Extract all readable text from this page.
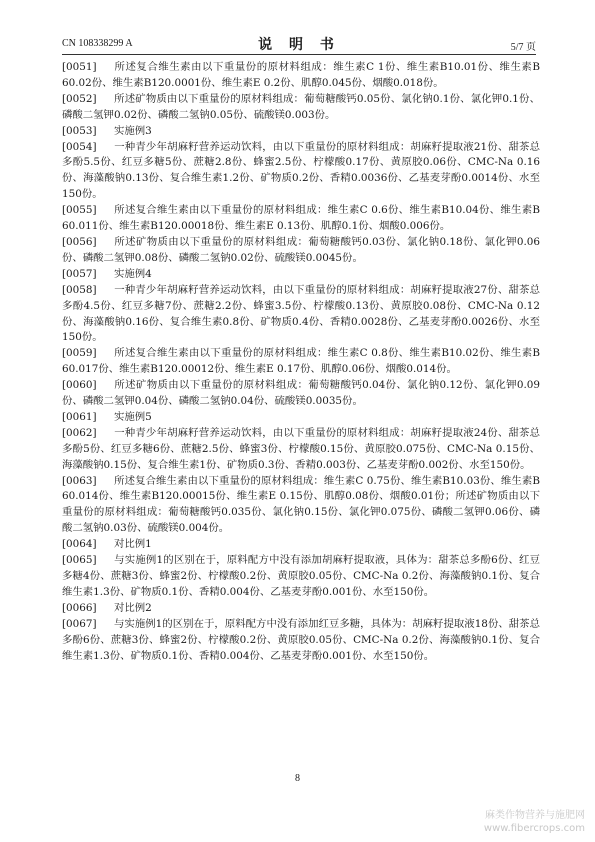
CN 108338299 A	说 明 书	5/7 页

[0051] 所述复合维生素由以下重量份的原材料组成：维生素C 1份、维生素B10.01份、维生素B 60.02份、维生素B120.0001份、维生素E 0.2份、肌醇0.045份、烟酸0.018份。

[0052] 所述矿物质由以下重量份的原材料组成：葡萄糖酸钙0.05份、氯化钠0.1份、氯化钾0.1份、磷酸二氢钾0.02份、磷酸二氢钠0.05份、硫酸镁0.003份。

[0053] 实施例3

[0054] 一种青少年胡麻籽营养运动饮料，由以下重量份的原材料组成：胡麻籽提取液21份、甜茶总多酚5.5份、红豆多糖5份、蔗糖2.8份、蜂蜜2.5份、柠檬酸0.17份、黄原胶0.06份、CMC-Na 0.16份、海藻酸钠0.13份、复合维生素1.2份、矿物质0.2份、香精0.0036份、乙基麦芽酚0.0014份、水至150份。

[0055] 所述复合维生素由以下重量份的原材料组成：维生素C 0.6份、维生素B10.04份、维生素B 60.011份、维生素B120.00018份、维生素E 0.13份、肌醇0.1份、烟酸0.006份。

[0056] 所述矿物质由以下重量份的原材料组成：葡萄糖酸钙0.03份、氯化钠0.18份、氯化钾0.06份、磷酸二氢钾0.08份、磷酸二氢钠0.02份、硫酸镁0.0045份。

[0057] 实施例4

[0058] 一种青少年胡麻籽营养运动饮料，由以下重量份的原材料组成：胡麻籽提取液27份、甜茶总多酚4.5份、红豆多糖7份、蔗糖2.2份、蜂蜜3.5份、柠檬酸0.13份、黄原胶0.08份、CMC-Na 0.12份、海藻酸钠0.16份、复合维生素0.8份、矿物质0.4份、香精0.0028份、乙基麦芽酚0.0026份、水至150份。

[0059] 所述复合维生素由以下重量份的原材料组成：维生素C 0.8份、维生素B10.02份、维生素B 60.017份、维生素B120.00012份、维生素E 0.17份、肌醇0.06份、烟酸0.014份。

[0060] 所述矿物质由以下重量份的原材料组成：葡萄糖酸钙0.04份、氯化钠0.12份、氯化钾0.09份、磷酸二氢钾0.04份、磷酸二氢钠0.04份、硫酸镁0.0035份。

[0061] 实施例5

[0062] 一种青少年胡麻籽营养运动饮料，由以下重量份的原材料组成：胡麻籽提取液24份、甜茶总多酚5份、红豆多糖6份、蔗糖2.5份、蜂蜜3份、柠檬酸0.15份、黄原胶0.075份、CMC-Na 0.15份、海藻酸钠0.15份、复合维生素1份、矿物质0.3份、香精0.003份、乙基麦芽酚0.002份、水至150份。

[0063] 所述复合维生素由以下重量份的原材料组成：维生素C 0.75份、维生素B10.03份、维生素B 60.014份、维生素B120.00015份、维生素E 0.15份、肌醇0.08份、烟酸0.01份；所述矿物质由以下重量份的原材料组成：葡萄糖酸钙0.035份、氯化钠0.15份、氯化钾0.075份、磷酸二氢钾0.06份、磷酸二氢钠0.03份、硫酸镁0.004份。

[0064] 对比例1

[0065] 与实施例1的区别在于，原料配方中没有添加胡麻籽提取液，具体为：甜茶总多酚6份、红豆多糖4份、蔗糖3份、蜂蜜2份、柠檬酸0.2份、黄原胶0.05份、CMC-Na 0.2份、海藻酸钠0.1份、复合维生素1.3份、矿物质0.1份、香精0.004份、乙基麦芽酚0.001份、水至150份。

[0066] 对比例2

[0067] 与实施例1的区别在于，原料配方中没有添加红豆多糖，具体为：胡麻籽提取液18份、甜茶总多酚6份、蔗糖3份、蜂蜜2份、柠檬酸0.2份、黄原胶0.05份、CMC-Na 0.2份、海藻酸钠0.1份、复合维生素1.3份、矿物质0.1份、香精0.004份、乙基麦芽酚0.001份、水至150份。

8
麻类作物营养与施肥网
www.fibercrops.com
